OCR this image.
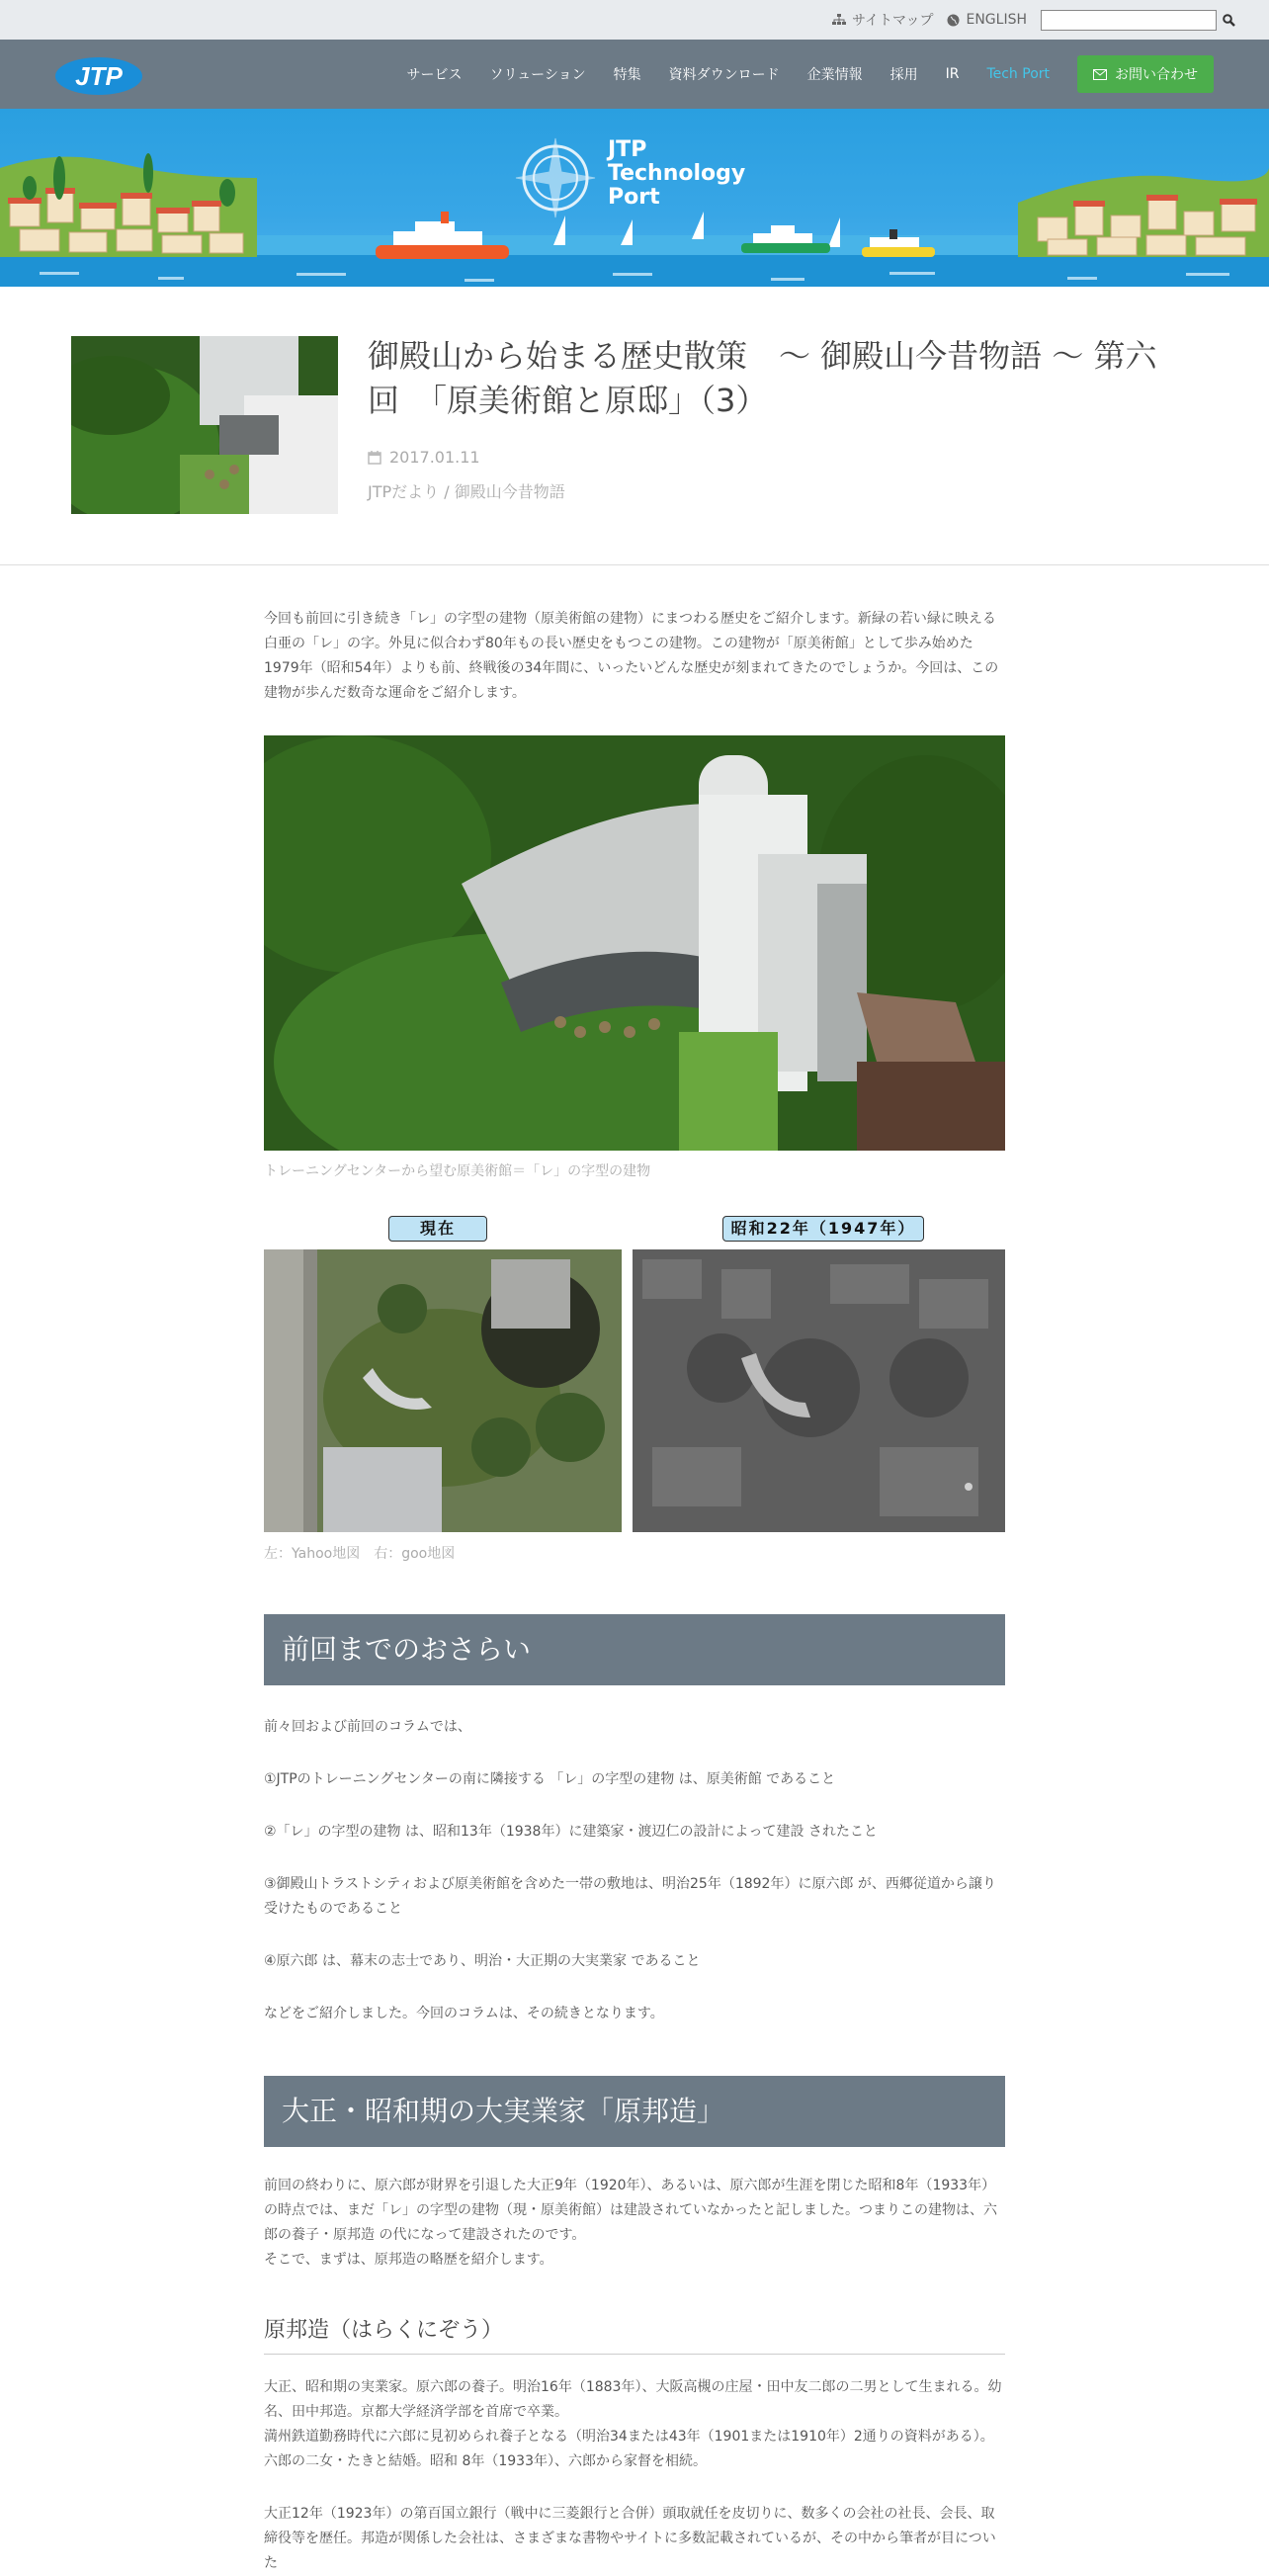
サイトマップ ENGLISH
JTP	サービス ソリューション 特集 資料ダウンロード 企業情報 採用 IR Tech Port	お問い合わせ
JTP
Technology
Port
御殿山から始まる歴史散策　～ 御殿山今昔物語 ～ 第六回　「原美術館と原邸」（3）
2017.01.11
JTPだより / 御殿山今昔物語

今回も前回に引き続き「レ」の字型の建物（原美術館の建物）にまつわる歴史をご紹介します。新緑の若い緑に映える白亜の「レ」の字。外見に似合わず80年もの長い歴史をもつこの建物。この建物が「原美術館」として歩み始めた1979年（昭和54年）よりも前、終戦後の34年間に、いったいどんな歴史が刻まれてきたのでしょうか。今回は、この建物が歩んだ数奇な運命をご紹介します。

トレーニングセンターから望む原美術館＝「レ」の字型の建物
現在	昭和22年（1947年）
左：Yahoo地図　右：goo地図
前回までのおさらい

前々回および前回のコラムでは、

①JTPのトレーニングセンターの南に隣接する 「レ」の字型の建物 は、原美術館 であること

②「レ」の字型の建物 は、昭和13年（1938年）に建築家・渡辺仁の設計によって建設 されたこと

③御殿山トラストシティおよび原美術館を含めた一帯の敷地は、明治25年（1892年）に原六郎 が、西郷従道から譲り受けたものであること

④原六郎 は、幕末の志士であり、明治・大正期の大実業家 であること

などをご紹介しました。今回のコラムは、その続きとなります。

大正・昭和期の大実業家「原邦造」

前回の終わりに、原六郎が財界を引退した大正9年（1920年）、あるいは、原六郎が生涯を閉じた昭和8年（1933年）の時点では、まだ「レ」の字型の建物（現・原美術館）は建設されていなかったと記しました。つまりこの建物は、六郎の養子・原邦造 の代になって建設されたのです。

そこで、まずは、原邦造の略歴を紹介します。

原邦造（はらくにぞう）

大正、昭和期の実業家。原六郎の養子。明治16年（1883年）、大阪高槻の庄屋・田中友二郎の二男として生まれる。幼名、田中邦造。京都大学経済学部を首席で卒業。

満州鉄道勤務時代に六郎に見初められ養子となる（明治34または43年（1901または1910年）2通りの資料がある）。六郎の二女・たきと結婚。昭和 8年（1933年）、六郎から家督を相続。

大正12年（1923年）の第百国立銀行（戦中に三菱銀行と合併）頭取就任を皮切りに、数多くの会社の社長、会長、取締役等を歴任。邦造が関係した会社は、さまざまな書物やサイトに多数記載されているが、その中から筆者が目についた
